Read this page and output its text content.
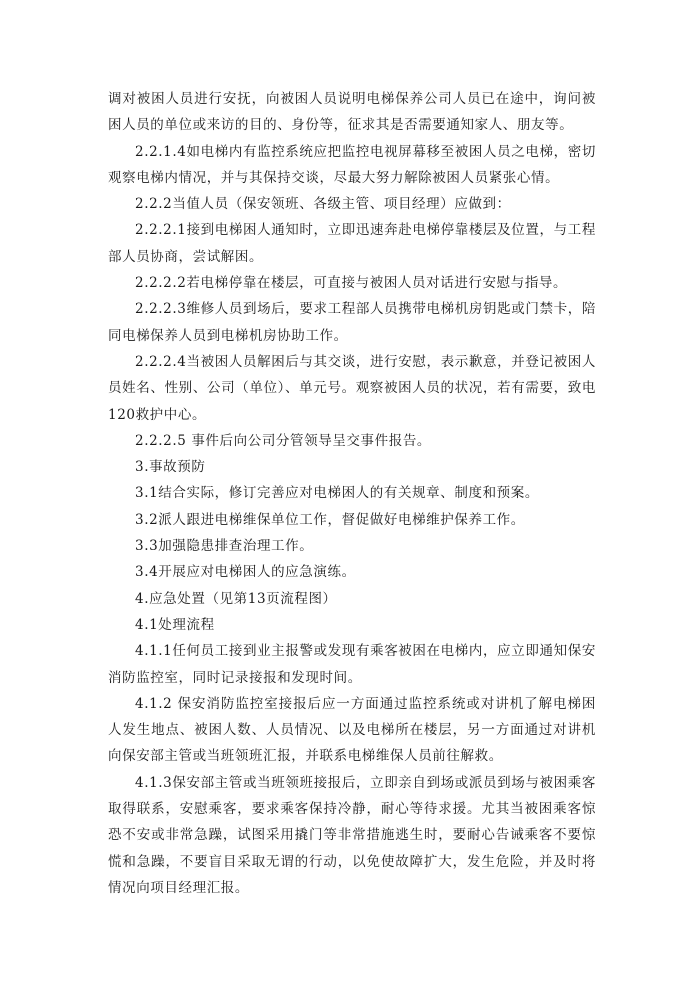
调对被困人员进行安抚，向被困人员说明电梯保养公司人员已在途中，询问被困人员的单位或来访的目的、身份等，征求其是否需要通知家人、朋友等。

2.2.1.4如电梯内有监控系统应把监控电视屏幕移至被困人员之电梯，密切观察电梯内情况，并与其保持交谈，尽最大努力解除被困人员紧张心情。

2.2.2当值人员（保安领班、各级主管、项目经理）应做到：

2.2.2.1接到电梯困人通知时，立即迅速奔赴电梯停靠楼层及位置，与工程部人员协商，尝试解困。

2.2.2.2若电梯停靠在楼层，可直接与被困人员对话进行安慰与指导。

2.2.2.3维修人员到场后，要求工程部人员携带电梯机房钥匙或门禁卡，陪同电梯保养人员到电梯机房协助工作。

2.2.2.4当被困人员解困后与其交谈，进行安慰，表示歉意，并登记被困人员姓名、性别、公司（单位）、单元号。观察被困人员的状况，若有需要，致电120救护中心。

2.2.2.5 事件后向公司分管领导呈交事件报告。

3.事故预防

3.1结合实际，修订完善应对电梯困人的有关规章、制度和预案。

3.2派人跟进电梯维保单位工作，督促做好电梯维护保养工作。

3.3加强隐患排查治理工作。

3.4开展应对电梯困人的应急演练。

4.应急处置（见第13页流程图）

4.1处理流程

4.1.1任何员工接到业主报警或发现有乘客被困在电梯内，应立即通知保安消防监控室，同时记录接报和发现时间。

4.1.2 保安消防监控室接报后应一方面通过监控系统或对讲机了解电梯困人发生地点、被困人数、人员情况、以及电梯所在楼层，另一方面通过对讲机向保安部主管或当班领班汇报，并联系电梯维保人员前往解救。

4.1.3保安部主管或当班领班接报后，立即亲自到场或派员到场与被困乘客取得联系，安慰乘客，要求乘客保持冷静，耐心等待求援。尤其当被困乘客惊恐不安或非常急躁，试图采用撬门等非常措施逃生时，要耐心告诫乘客不要惊慌和急躁，不要盲目采取无谓的行动，以免使故障扩大，发生危险，并及时将情况向项目经理汇报。
